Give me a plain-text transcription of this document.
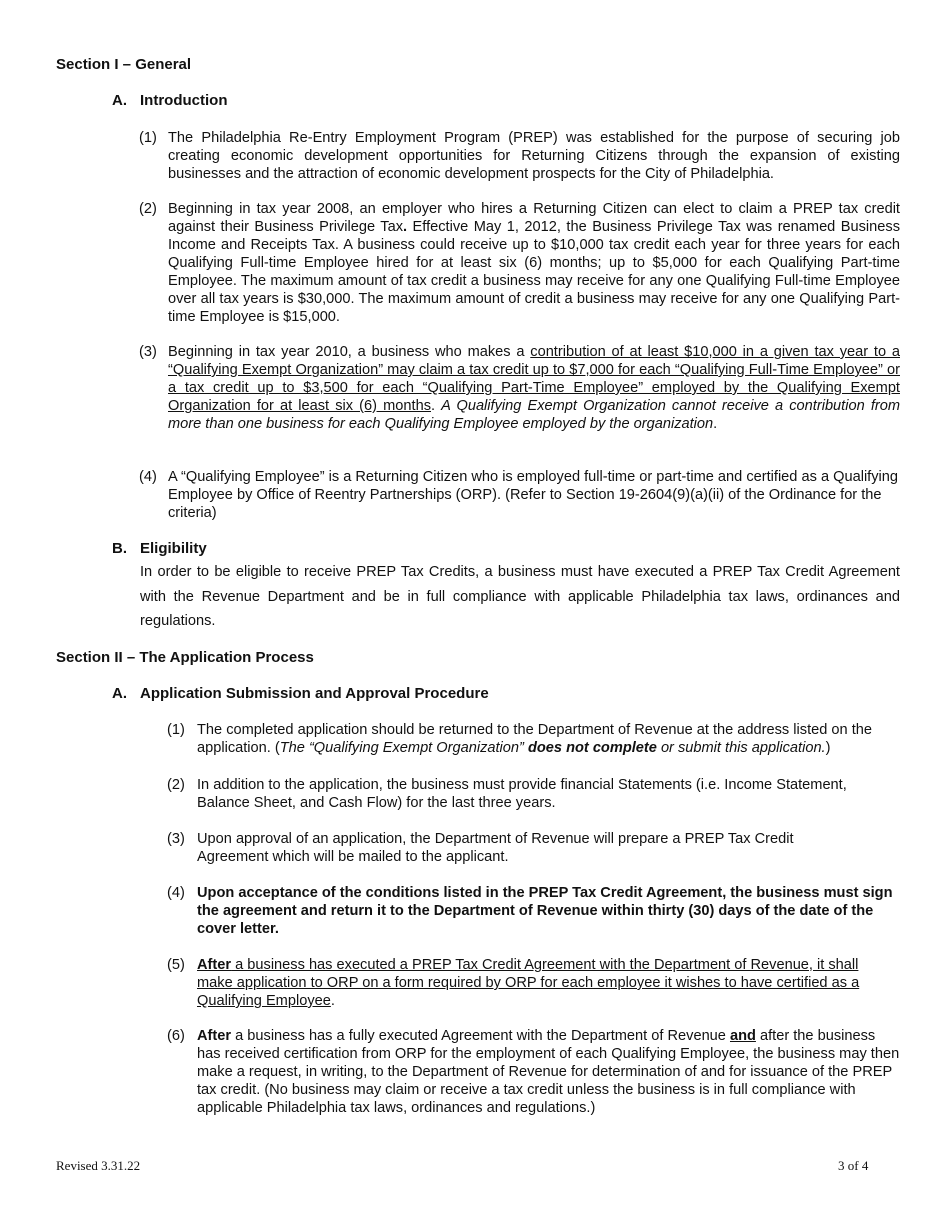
Section I – General
A. Introduction
(1) The Philadelphia Re-Entry Employment Program (PREP) was established for the purpose of securing job creating economic development opportunities for Returning Citizens through the expansion of existing businesses and the attraction of economic development prospects for the City of Philadelphia.
(2) Beginning in tax year 2008, an employer who hires a Returning Citizen can elect to claim a PREP tax credit against their Business Privilege Tax. Effective May 1, 2012, the Business Privilege Tax was renamed Business Income and Receipts Tax. A business could receive up to $10,000 tax credit each year for three years for each Qualifying Full-time Employee hired for at least six (6) months; up to $5,000 for each Qualifying Part-time Employee. The maximum amount of tax credit a business may receive for any one Qualifying Full-time Employee over all tax years is $30,000. The maximum amount of credit a business may receive for any one Qualifying Part-time Employee is $15,000.
(3) Beginning in tax year 2010, a business who makes a contribution of at least $10,000 in a given tax year to a “Qualifying Exempt Organization” may claim a tax credit up to $7,000 for each “Qualifying Full-Time Employee” or a tax credit up to $3,500 for each “Qualifying Part-Time Employee” employed by the Qualifying Exempt Organization for at least six (6) months. A Qualifying Exempt Organization cannot receive a contribution from more than one business for each Qualifying Employee employed by the organization.
(4) A “Qualifying Employee” is a Returning Citizen who is employed full-time or part-time and certified as a Qualifying Employee by Office of Reentry Partnerships (ORP). (Refer to Section 19-2604(9)(a)(ii) of the Ordinance for the criteria)
B. Eligibility
In order to be eligible to receive PREP Tax Credits, a business must have executed a PREP Tax Credit Agreement with the Revenue Department and be in full compliance with applicable Philadelphia tax laws, ordinances and regulations.
Section II – The Application Process
A. Application Submission and Approval Procedure
(1) The completed application should be returned to the Department of Revenue at the address listed on the application. (The “Qualifying Exempt Organization” does not complete or submit this application.)
(2) In addition to the application, the business must provide financial Statements (i.e. Income Statement, Balance Sheet, and Cash Flow) for the last three years.
(3) Upon approval of an application, the Department of Revenue will prepare a PREP Tax Credit Agreement which will be mailed to the applicant.
(4) Upon acceptance of the conditions listed in the PREP Tax Credit Agreement, the business must sign the agreement and return it to the Department of Revenue within thirty (30) days of the date of the cover letter.
(5) After a business has executed a PREP Tax Credit Agreement with the Department of Revenue, it shall make application to ORP on a form required by ORP for each employee it wishes to have certified as a Qualifying Employee.
(6) After a business has a fully executed Agreement with the Department of Revenue and after the business has received certification from ORP for the employment of each Qualifying Employee, the business may then make a request, in writing, to the Department of Revenue for determination of and for issuance of the PREP tax credit. (No business may claim or receive a tax credit unless the business is in full compliance with applicable Philadelphia tax laws, ordinances and regulations.)
Revised 3.31.22	3 of 4
